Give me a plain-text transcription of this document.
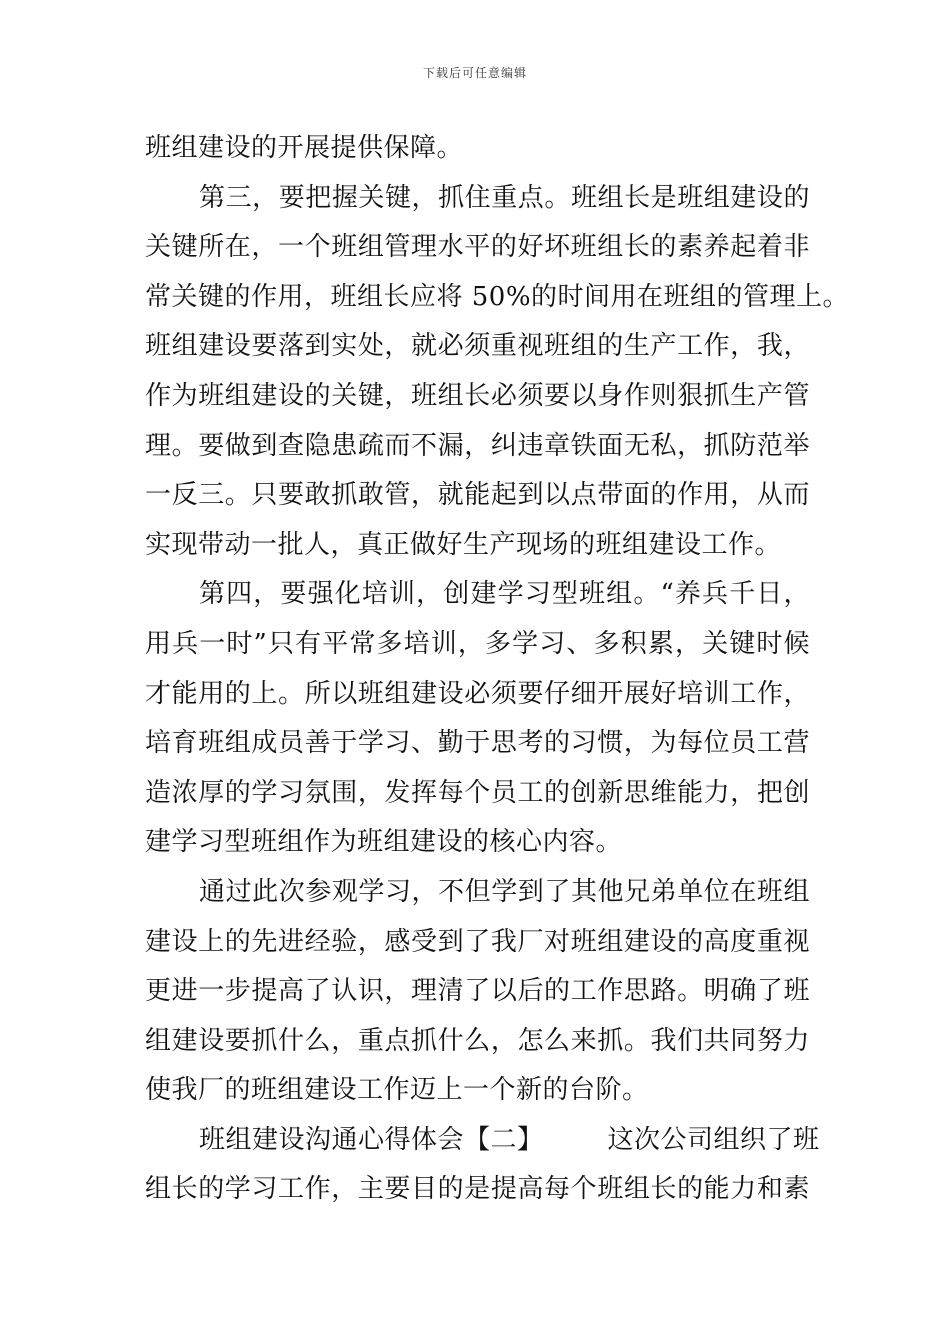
下载后可任意编辑
班组建设的开展提供保障。
第三，要把握关键，抓住重点。班组长是班组建设的
关键所在，一个班组管理水平的好坏班组长的素养起着非
常关键的作用，班组长应将 50%的时间用在班组的管理上。
班组建设要落到实处，就必须重视班组的生产工作，我，
作为班组建设的关键，班组长必须要以身作则狠抓生产管
理。要做到查隐患疏而不漏，纠违章铁面无私，抓防范举
一反三。只要敢抓敢管，就能起到以点带面的作用，从而
实现带动一批人，真正做好生产现场的班组建设工作。
第四，要强化培训，创建学习型班组。“养兵千日，
用兵一时”只有平常多培训，多学习、多积累，关键时候
才能用的上。所以班组建设必须要仔细开展好培训工作，
培育班组成员善于学习、勤于思考的习惯，为每位员工营
造浓厚的学习氛围，发挥每个员工的创新思维能力，把创
建学习型班组作为班组建设的核心内容。
通过此次参观学习，不但学到了其他兄弟单位在班组
建设上的先进经验，感受到了我厂对班组建设的高度重视
更进一步提高了认识，理清了以后的工作思路。明确了班
组建设要抓什么，重点抓什么，怎么来抓。我们共同努力
使我厂的班组建设工作迈上一个新的台阶。
班组建设沟通心得体会【二】 这次公司组织了班
组长的学习工作，主要目的是提高每个班组长的能力和素
